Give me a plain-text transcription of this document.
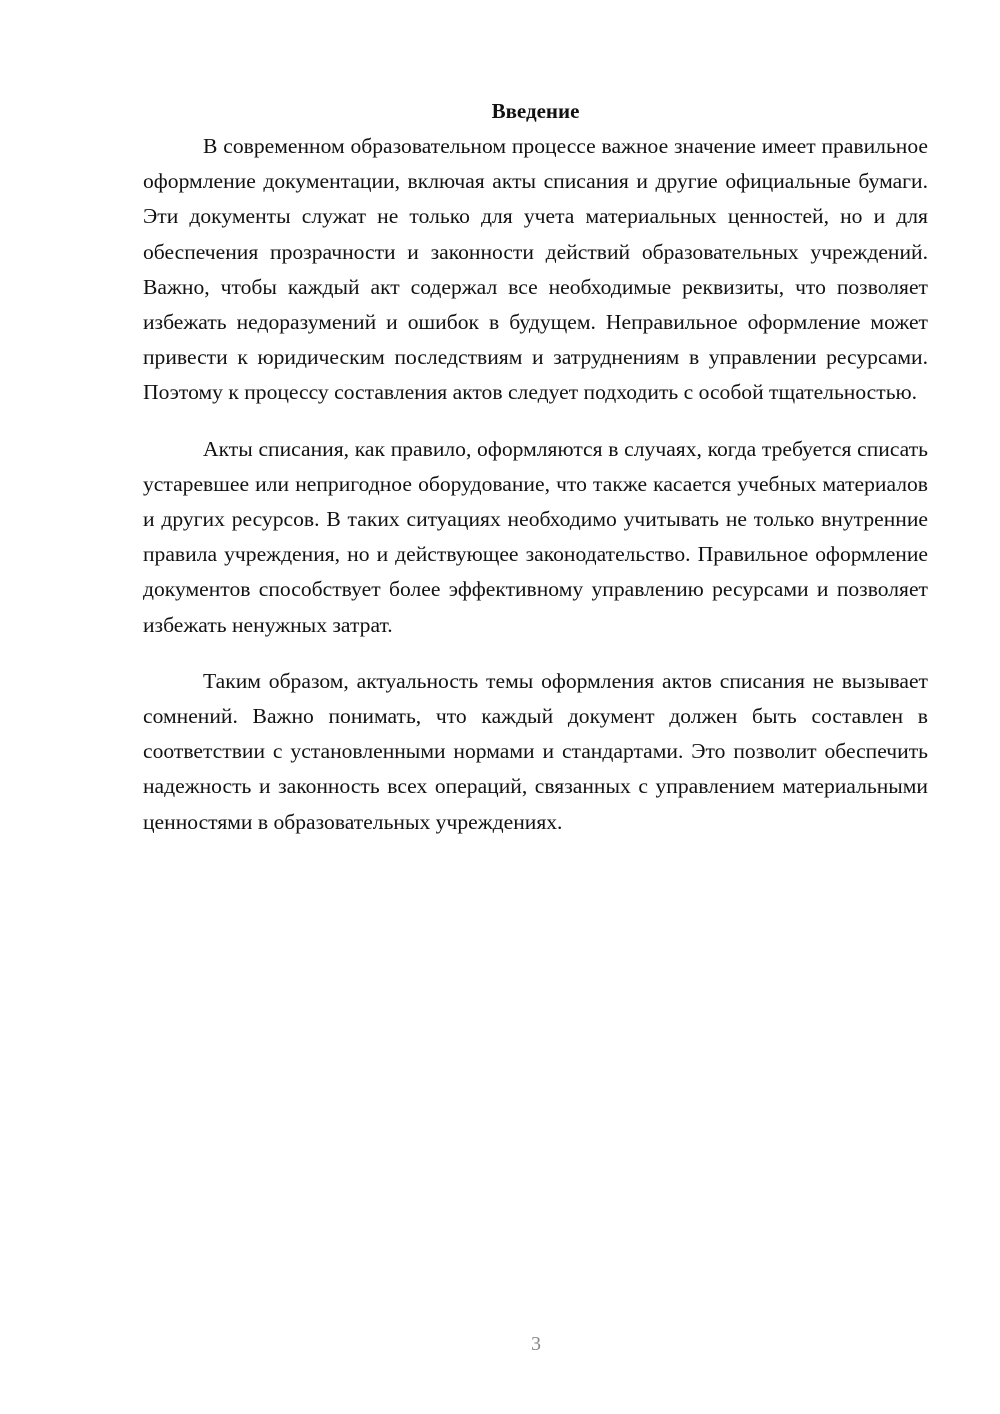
Введение

В современном образовательном процессе важное значение имеет правильное оформление документации, включая акты списания и другие официальные бумаги. Эти документы служат не только для учета материальных ценностей, но и для обеспечения прозрачности и законности действий образовательных учреждений. Важно, чтобы каждый акт содержал все необходимые реквизиты, что позволяет избежать недоразумений и ошибок в будущем. Неправильное оформление может привести к юридическим последствиям и затруднениям в управлении ресурсами. Поэтому к процессу составления актов следует подходить с особой тщательностью.

Акты списания, как правило, оформляются в случаях, когда требуется списать устаревшее или непригодное оборудование, что также касается учебных материалов и других ресурсов. В таких ситуациях необходимо учитывать не только внутренние правила учреждения, но и действующее законодательство. Правильное оформление документов способствует более эффективному управлению ресурсами и позволяет избежать ненужных затрат.

Таким образом, актуальность темы оформления актов списания не вызывает сомнений. Важно понимать, что каждый документ должен быть составлен в соответствии с установленными нормами и стандартами. Это позволит обеспечить надежность и законность всех операций, связанных с управлением материальными ценностями в образовательных учреждениях.

3
